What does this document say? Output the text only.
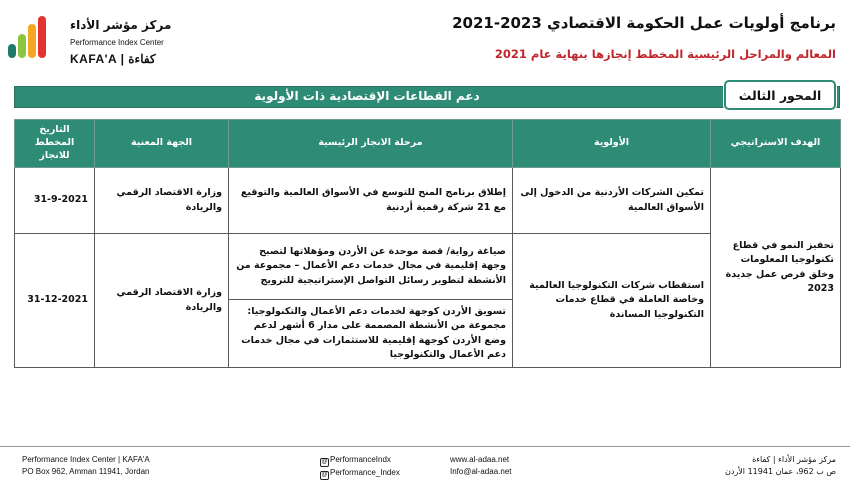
مركز مؤشر الأداء
Performance Index Center
KAFA'A | كفاءة
برنامج أولويات عمل الحكومة الاقتصادي 2023-2021
المعالم والمراحل الرئيسية المخطط إنجازها بنهاية عام 2021
دعم القطاعات الإقتصادية ذات الأولوية	المحور الثالث
الهدف الاستراتيجي	الأولوية	مرحلة الانجاز الرئيسية	الجهة المعنية	التاريخ المخطط للانجاز
تحفيز النمو في قطاع تكنولوجيا المعلومات وخلق فرص عمل جديدة 2023	تمكين الشركات الأردنية من الدخول إلى الأسواق العالمية	إطلاق برنامج المنح للتوسع في الأسواق العالمية والتوقيع مع 21 شركة رقمية أردنية	وزارة الاقتصاد الرقمي والريادة	31-9-2021
	استقطاب شركات التكنولوجيا العالمية وخاصة العاملة في قطاع خدمات التكنولوجيا المساندة	صياغة رواية/ قصة موحدة عن الأردن ومؤهلاتها لتصبح وجهة إقليمية في مجال خدمات دعم الأعمال – مجموعة من الأنشطة لتطوير رسائل التواصل الإستراتيجية للترويج	وزارة الاقتصاد الرقمي والريادة	31-12-2021
		تسويق الأردن كوجهة لخدمات دعم الأعمال والتكنولوجيا: مجموعة من الأنشطة المصممة على مدار 6 أشهر لدعم وضع الأردن كوجهة إقليمية للاستثمارات في مجال خدمات دعم الأعمال والتكنولوجيا		
Performance Index Center | KAFA'A
PO Box 962, Amman 11941, Jordan
@ PerformanceIndx
@ Performance_Index
www.al-adaa.net
Info@al-adaa.net
مركز مؤشر الأداء | كفاءة
ص ب 962، عمان 11941 الأردن
